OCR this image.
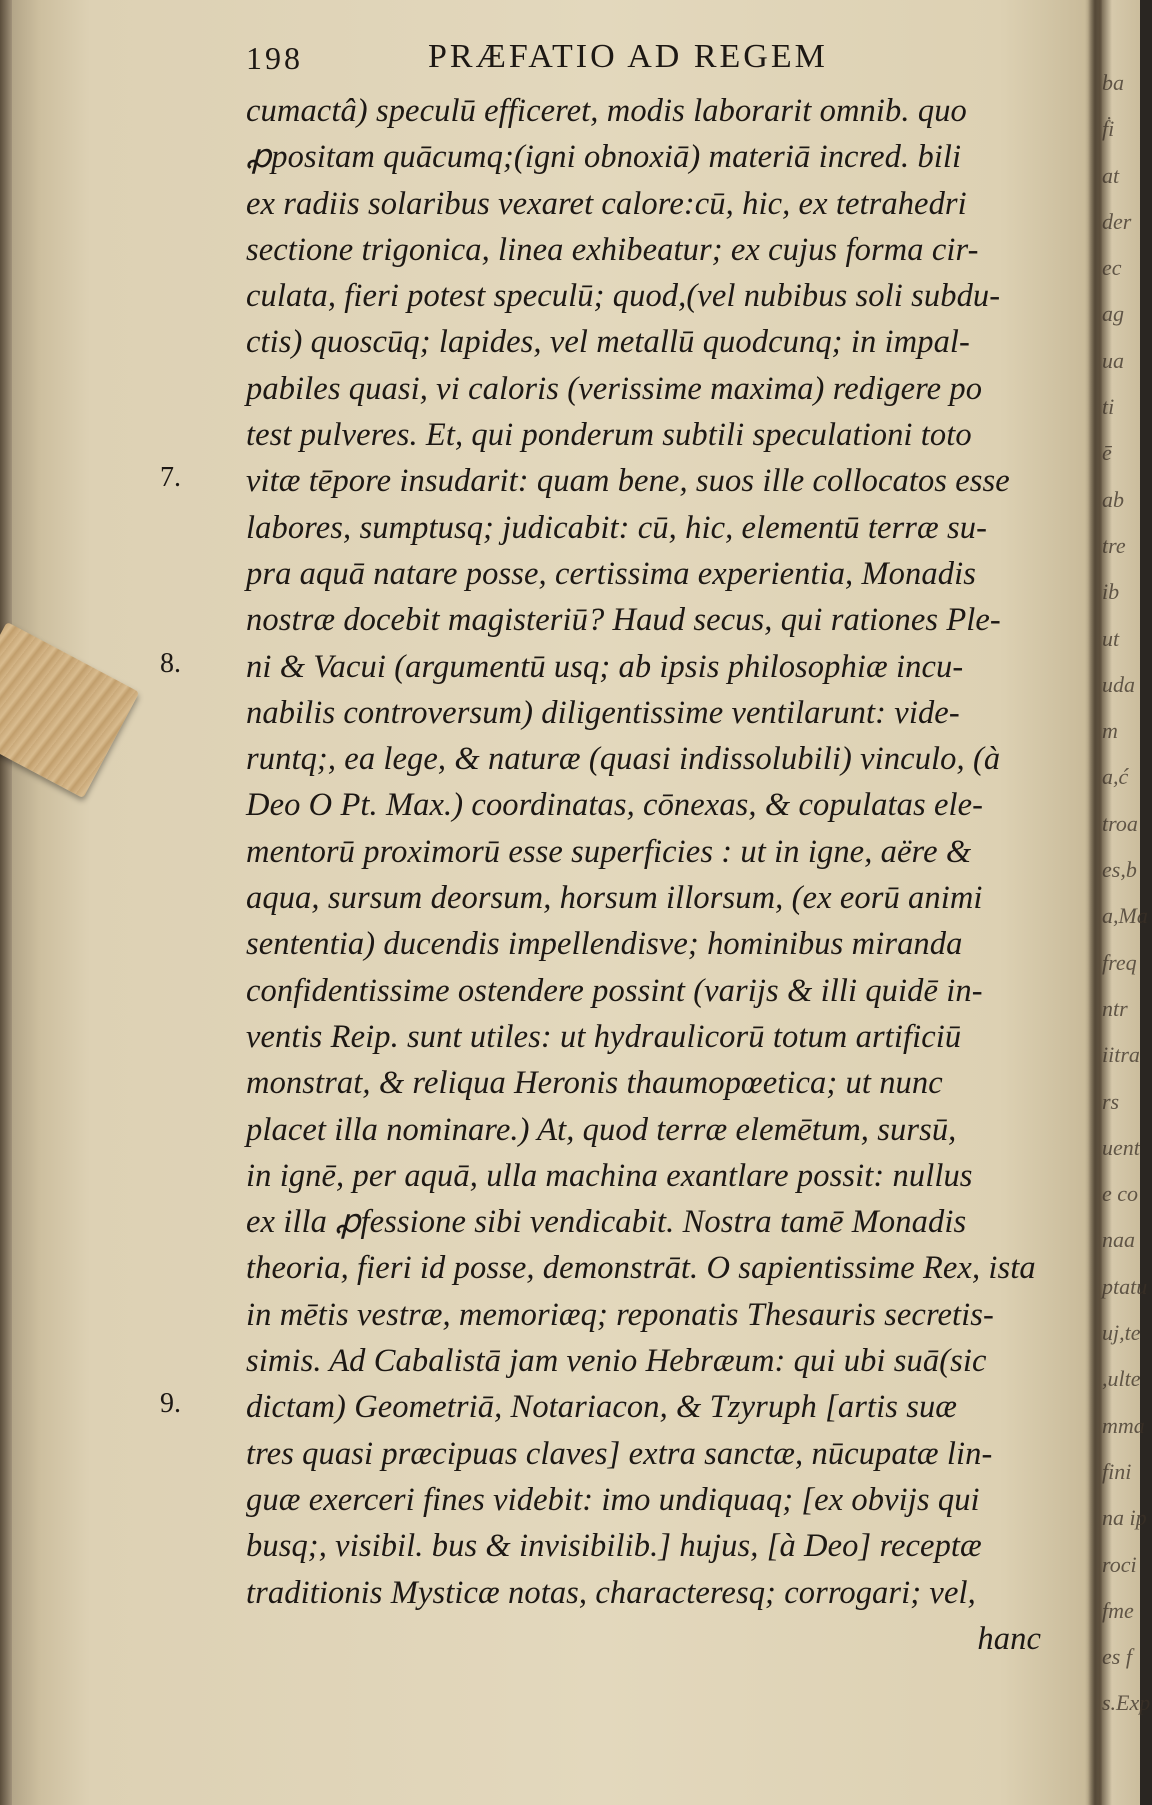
198	PRÆFATIO AD REGEM
cumactâ) speculū efficeret, modis laborarit omnib. quo
ꝓpositam quācumq;(igni obnoxiā) materiā incred. bili
ex radiis solaribus vexaret calore:cū, hic, ex tetrahedri
sectione trigonica, linea exhibeatur; ex cujus forma cir-
culata, fieri potest speculū; quod,(vel nubibus soli subdu-
ctis) quoscūq; lapides, vel metallū quodcunq; in impal-
pabiles quasi, vi caloris (verissime maxima) redigere po
test pulveres. Et, qui ponderum subtili speculationi toto
vitæ tēpore insudarit: quam bene, suos ille collocatos esse
labores, sumptusq; judicabit: cū, hic, elementū terræ su-
pra aquā natare posse, certissima experientia, Monadis
nostræ docebit magisteriū? Haud secus, qui rationes Ple-
ni & Vacui (argumentū usq; ab ipsis philosophiæ incu-
nabilis controversum) diligentissime ventilarunt: vide-
runtq;, ea lege, & naturæ (quasi indissolubili) vinculo, (à
Deo O Pt. Max.) coordinatas, cōnexas, & copulatas ele-
mentorū proximorū esse superficies : ut in igne, aëre &
aqua, sursum deorsum, horsum illorsum, (ex eorū animi
sententia) ducendis impellendisve; hominibus miranda
confidentissime ostendere possint (varijs & illi quidē in-
ventis Reip. sunt utiles: ut hydraulicorū totum artificiū
monstrat, & reliqua Heronis thaumopœetica; ut nunc
placet illa nominare.) At, quod terræ elemētum, sursū,
in ignē, per aquā, ulla machina exantlare possit: nullus
ex illa ꝓfessione sibi vendicabit. Nostra tamē Monadis
theoria, fieri id posse, demonstrāt. O sapientissime Rex, ista
in mētis vestræ, memoriæq; reponatis Thesauris secretis-
simis. Ad Cabalistā jam venio Hebræum: qui ubi suā(sic
dictam) Geometriā, Notariacon, & Tzyruph [artis suæ
tres quasi præcipuas claves] extra sanctæ, nūcupatæ lin-
guæ exerceri fines videbit: imo undiquaq; [ex obvijs qui
busq;, visibil. bus & invisibilib.] hujus, [à Deo] receptæ
traditionis Mysticæ notas, characteresq; corrogari; vel,
hanc
7.
8.
9.
ba
ḟi
at
der
ec
ag
ua
ti
ē
ab
tre
ib
ut
uda
m
a,ć
troa
es,b
a,Ma
freq
ntr
iitra
rs
uent
e co
naa
ptatu
uj,te
,ulte
mma
fini
na ip
roci
fme
es f
s.Exp
